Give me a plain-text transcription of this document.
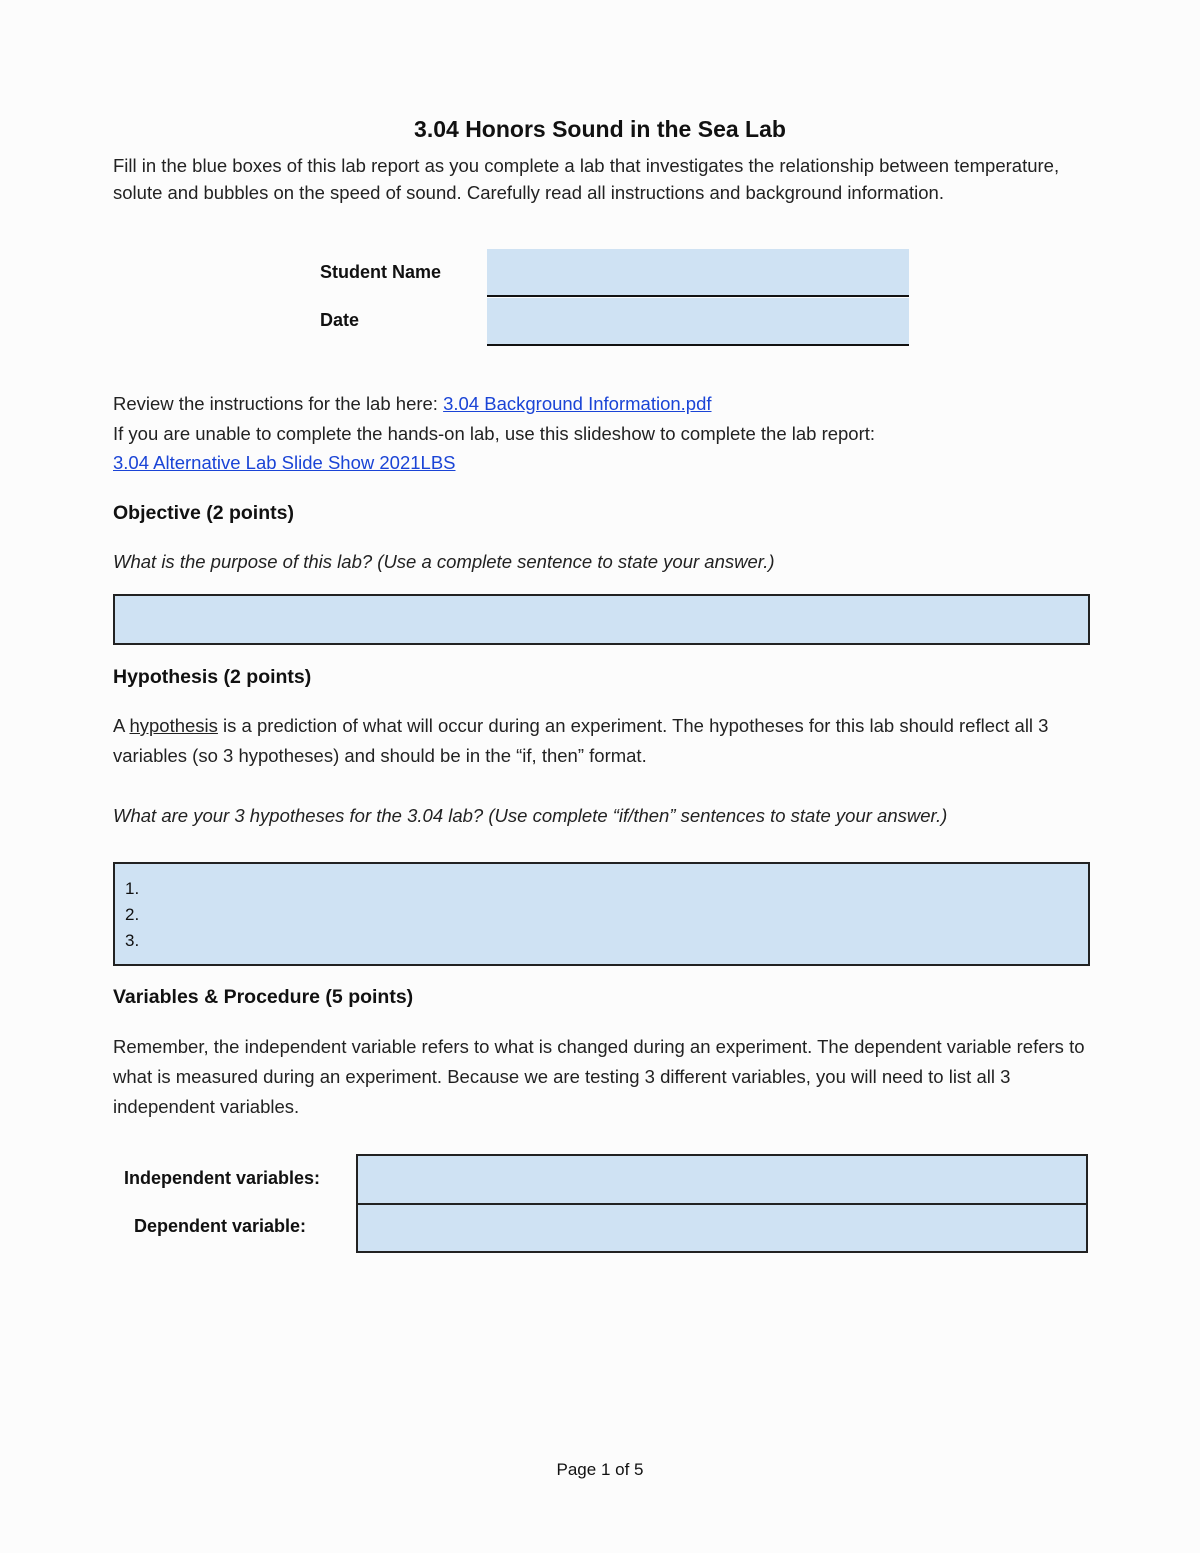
3.04 Honors Sound in the Sea Lab
Fill in the blue boxes of this lab report as you complete a lab that investigates the relationship between temperature, solute and bubbles on the speed of sound. Carefully read all instructions and background information.
Student Name
Date
Review the instructions for the lab here: 3.04 Background Information.pdf
If you are unable to complete the hands-on lab, use this slideshow to complete the lab report:
3.04 Alternative Lab Slide Show 2021LBS
Objective (2 points)
What is the purpose of this lab? (Use a complete sentence to state your answer.)
Hypothesis (2 points)
A hypothesis is a prediction of what will occur during an experiment. The hypotheses for this lab should reflect all 3 variables (so 3 hypotheses) and should be in the “if, then” format.
What are your 3 hypotheses for the 3.04 lab? (Use complete “if/then” sentences to state your answer.)
1.
2.
3.
Variables & Procedure (5 points)
Remember, the independent variable refers to what is changed during an experiment. The dependent variable refers to what is measured during an experiment. Because we are testing 3 different variables, you will need to list all 3 independent variables.
Independent variables:
Dependent variable:
Page 1 of 5
